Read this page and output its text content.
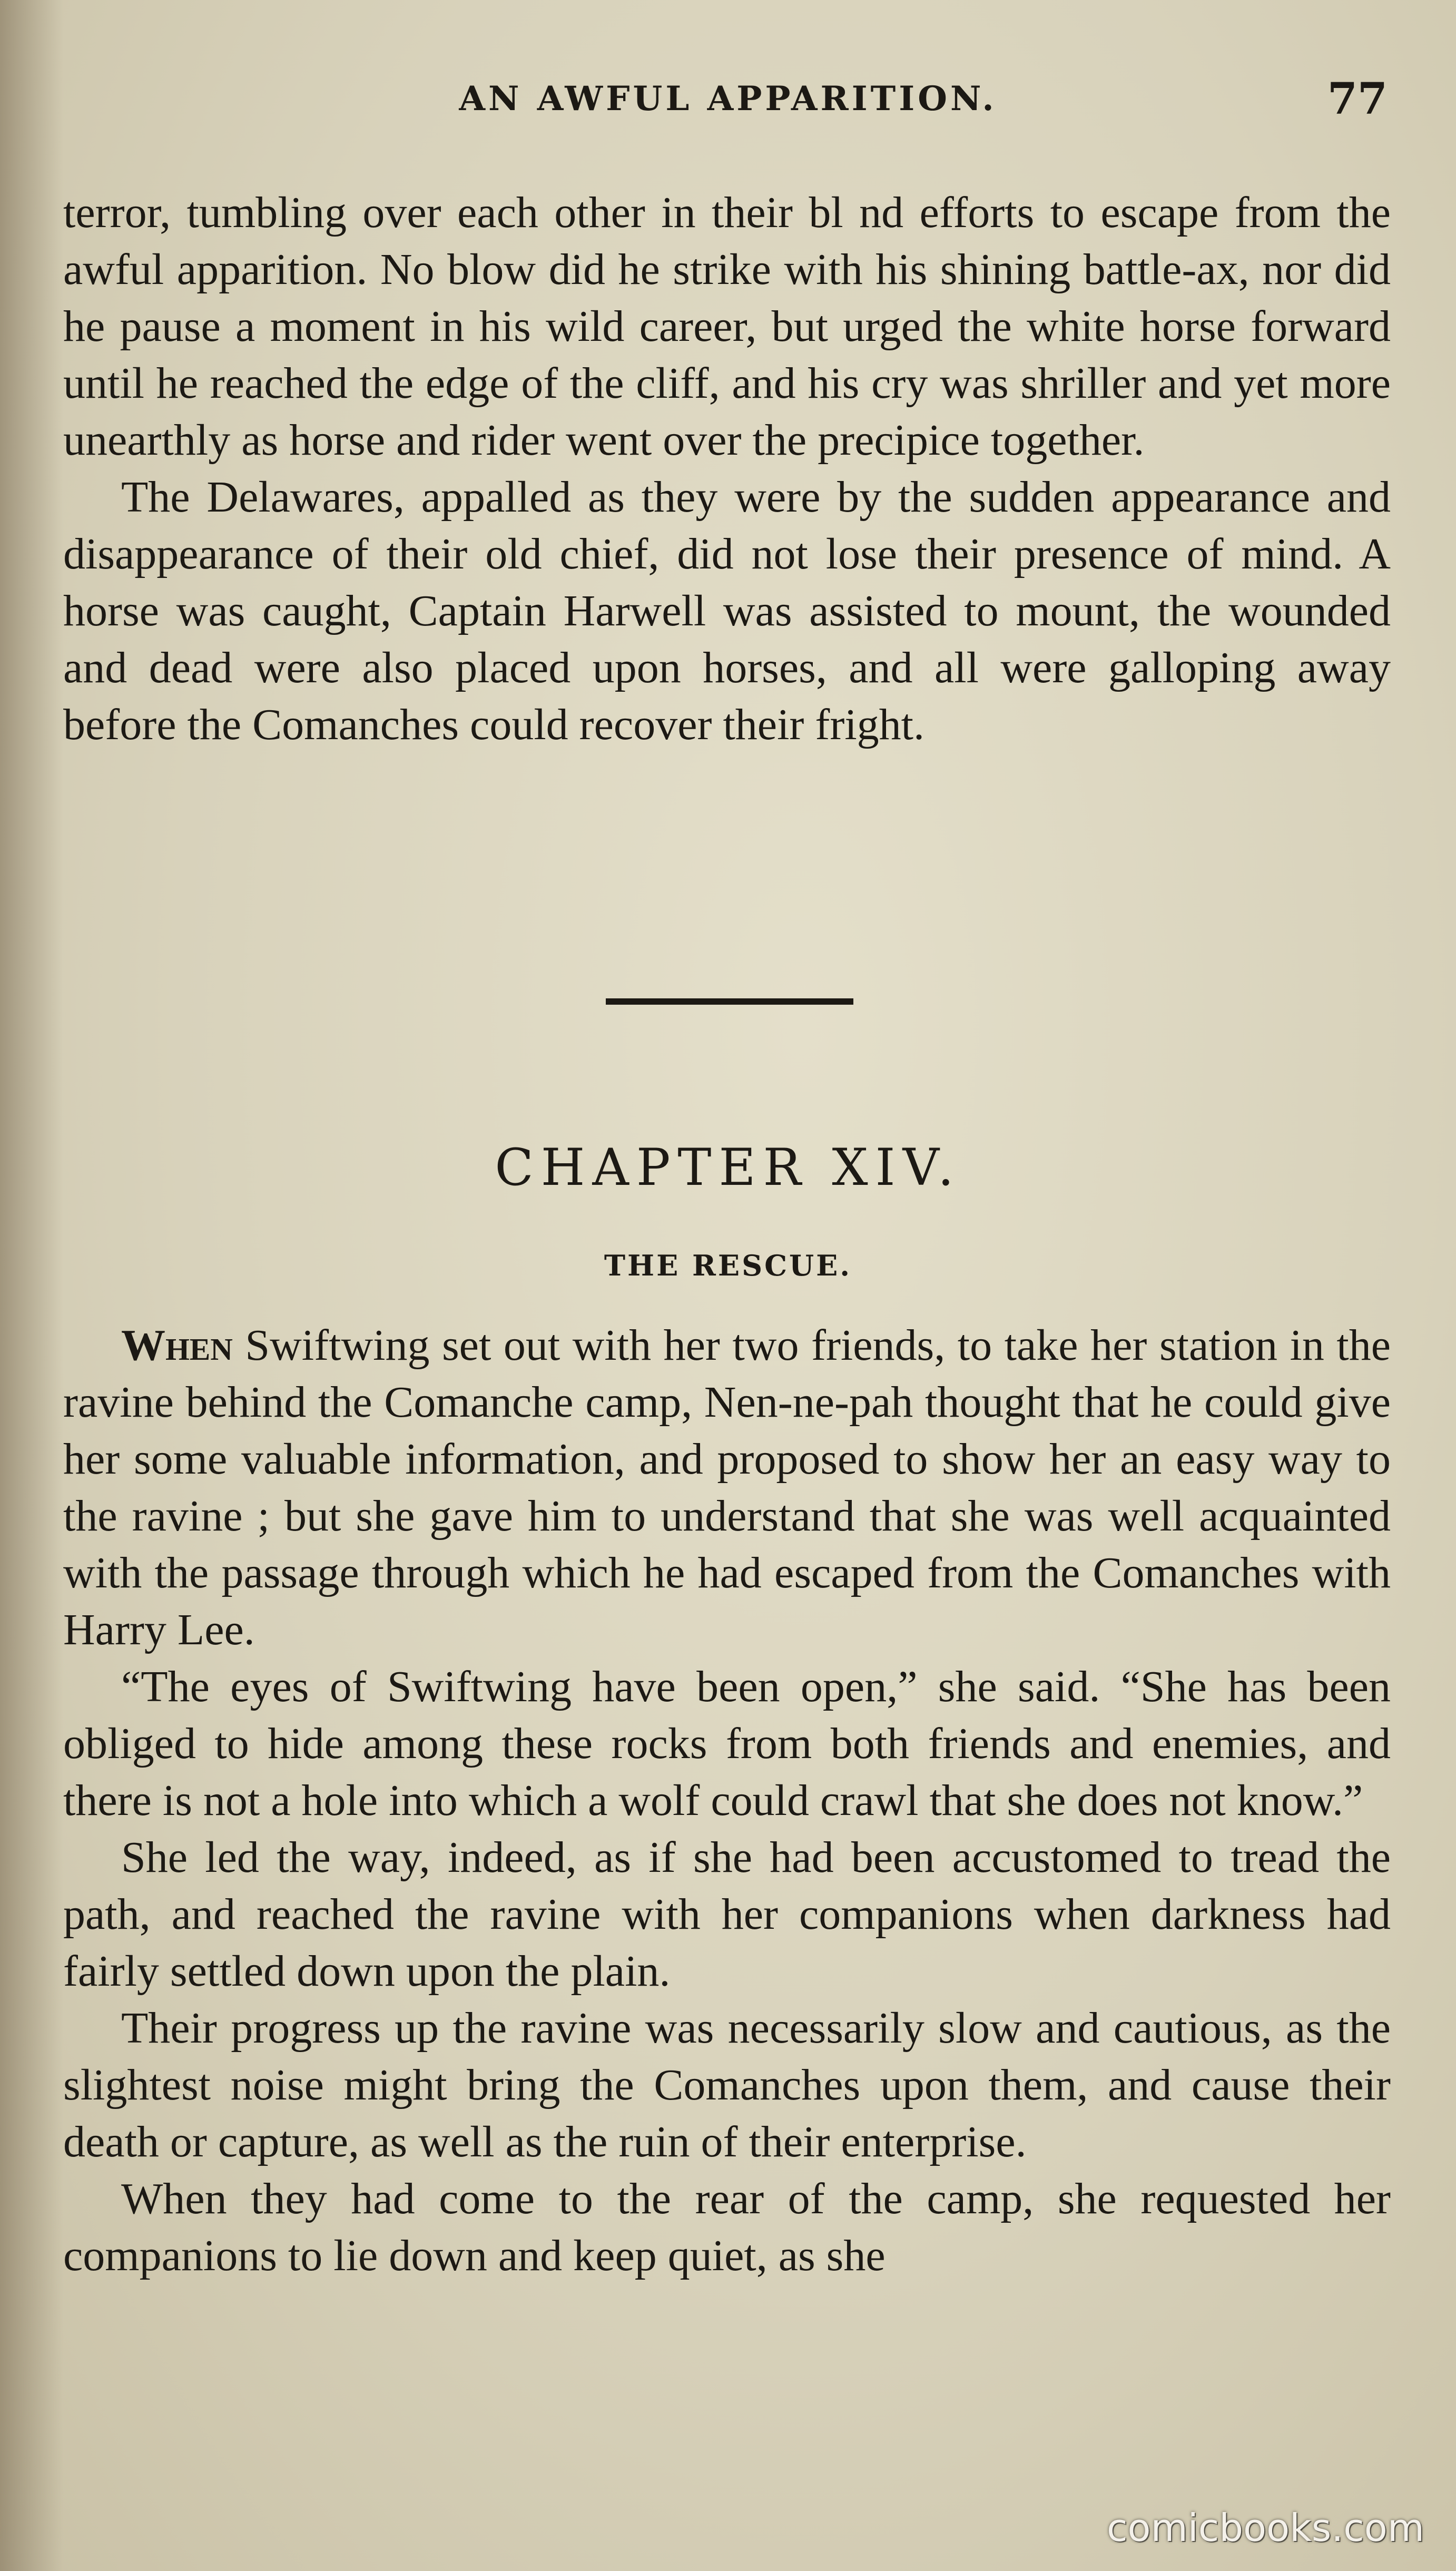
AN AWFUL APPARITION.	77

terror, tumbling over each other in their bl nd efforts to escape from the awful apparition. No blow did he strike with his shining battle-ax, nor did he pause a moment in his wild career, but urged the white horse forward until he reached the edge of the cliff, and his cry was shriller and yet more unearthly as horse and rider went over the precipice together.

The Delawares, appalled as they were by the sudden appearance and disappearance of their old chief, did not lose their presence of mind. A horse was caught, Captain Harwell was assisted to mount, the wounded and dead were also placed upon horses, and all were galloping away before the Comanches could recover their fright.

CHAPTER XIV.
THE RESCUE.

When Swiftwing set out with her two friends, to take her station in the ravine behind the Comanche camp, Nen-ne-pah thought that he could give her some valuable information, and proposed to show her an easy way to the ravine ; but she gave him to understand that she was well acquainted with the passage through which he had escaped from the Comanches with Harry Lee.

“The eyes of Swiftwing have been open,” she said. “She has been obliged to hide among these rocks from both friends and enemies, and there is not a hole into which a wolf could crawl that she does not know.”

She led the way, indeed, as if she had been accustomed to tread the path, and reached the ravine with her companions when darkness had fairly settled down upon the plain.

Their progress up the ravine was necessarily slow and cautious, as the slightest noise might bring the Comanches upon them, and cause their death or capture, as well as the ruin of their enterprise.

When they had come to the rear of the camp, she requested her companions to lie down and keep quiet, as she

comicbooks.com
